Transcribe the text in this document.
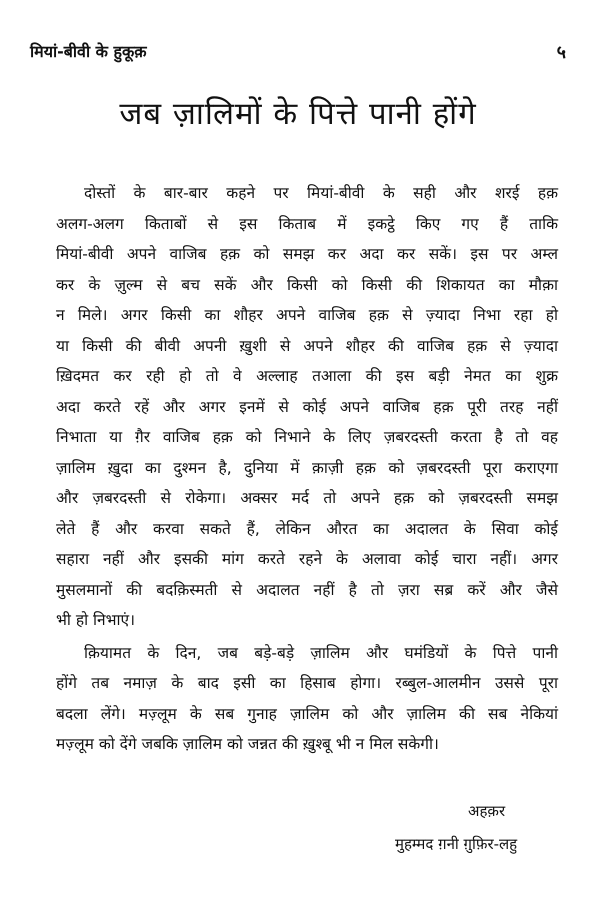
मियां-बीवी के हुकूक़	५
जब ज़ालिमों के पित्ते पानी होंगे
दोस्तों के बार-बार कहने पर मियां-बीवी के सही और शरई हक़
अलग-अलग किताबों से इस किताब में इकट्ठे किए गए हैं ताकि
मियां-बीवी अपने वाजिब हक़ को समझ कर अदा कर सकें। इस पर अम्ल
कर के ज़ुल्म से बच सकें और किसी को किसी की शिकायत का मौक़ा
न मिले। अगर किसी का शौहर अपने वाजिब हक़ से ज़्यादा निभा रहा हो
या किसी की बीवी अपनी ख़ुशी से अपने शौहर की वाजिब हक़ से ज़्यादा
ख़िदमत कर रही हो तो वे अल्लाह तआला की इस बड़ी नेमत का शुक्र
अदा करते रहें और अगर इनमें से कोई अपने वाजिब हक़ पूरी तरह नहीं
निभाता या ग़ैर वाजिब हक़ को निभाने के लिए ज़बरदस्ती करता है तो वह
ज़ालिम ख़ुदा का दुश्मन है, दुनिया में क़ाज़ी हक़ को ज़बरदस्ती पूरा कराएगा
और ज़बरदस्ती से रोकेगा। अक्सर मर्द तो अपने हक़ को ज़बरदस्ती समझ
लेते हैं और करवा सकते हैं, लेकिन औरत का अदालत के सिवा कोई
सहारा नहीं और इसकी मांग करते रहने के अलावा कोई चारा नहीं। अगर
मुसलमानों की बदक़िस्मती से अदालत नहीं है तो ज़रा सब्र करें और जैसे
भी हो निभाएं।
क़ियामत के दिन, जब बड़े-बड़े ज़ालिम और घमंडियों के पित्ते पानी
होंगे तब नमाज़ के बाद इसी का हिसाब होगा। रब्बुल-आलमीन उससे पूरा
बदला लेंगे। मज़्लूम के सब गुनाह ज़ालिम को और ज़ालिम की सब नेकियां
मज़्लूम को देंगे जबकि ज़ालिम को जन्नत की ख़ुश्बू भी न मिल सकेगी।
अहक़र
मुहम्मद ग़नी ग़ुफ़िर-लहु
